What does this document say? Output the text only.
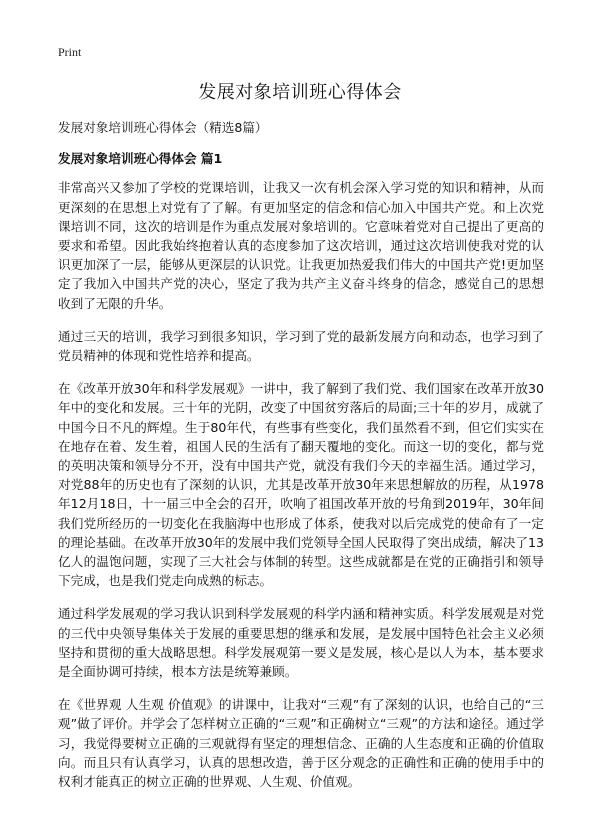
Print
发展对象培训班心得体会

发展对象培训班心得体会（精选8篇）

发展对象培训班心得体会 篇1

非常高兴又参加了学校的党课培训，让我又一次有机会深入学习党的知识和精神，从而更深刻的在思想上对党有了了解。有更加坚定的信念和信心加入中国共产党。和上次党课培训不同，这次的培训是作为重点发展对象培训的。它意味着党对自己提出了更高的要求和希望。因此我始终抱着认真的态度参加了这次培训，通过这次培训使我对党的认识更加深了一层，能够从更深层的认识党。让我更加热爱我们伟大的中国共产党!更加坚定了我加入中国共产党的决心，坚定了我为共产主义奋斗终身的信念，感觉自己的思想收到了无限的升华。

通过三天的培训，我学习到很多知识，学习到了党的最新发展方向和动态，也学习到了党员精神的体现和党性培养和提高。

在《改革开放30年和科学发展观》一讲中，我了解到了我们党、我们国家在改革开放30年中的变化和发展。三十年的光阴，改变了中国贫穷落后的局面;三十年的岁月，成就了中国今日不凡的辉煌。生于80年代，有些事有些变化，我们虽然看不到，但它们实实在在地存在着、发生着，祖国人民的生活有了翻天覆地的变化。而这一切的变化，都与党的英明决策和领导分不开，没有中国共产党，就没有我们今天的幸福生活。通过学习，对党88年的历史也有了深刻的认识，尤其是改革开放30年来思想解放的历程，从1978年12月18日，十一届三中全会的召开，吹响了祖国改革开放的号角到2019年，30年间我们党所经历的一切变化在我脑海中也形成了体系，使我对以后完成党的使命有了一定的理论基础。在改革开放30年的发展中我们党领导全国人民取得了突出成绩，解决了13亿人的温饱问题，实现了三大社会与体制的转型。这些成就都是在党的正确指引和领导下完成，也是我们党走向成熟的标志。

通过科学发展观的学习我认识到科学发展观的科学内涵和精神实质。科学发展观是对党的三代中央领导集体关于发展的重要思想的继承和发展，是发展中国特色社会主义必须坚持和贯彻的重大战略思想。科学发展观第一要义是发展，核心是以人为本，基本要求是全面协调可持续，根本方法是统筹兼顾。

在《世界观 人生观 价值观》的讲课中，让我对“三观”有了深刻的认识，也给自己的“三观”做了评价。并学会了怎样树立正确的“三观”和正确树立“三观”的方法和途径。通过学习，我觉得要树立正确的三观就得有坚定的理想信念、正确的人生态度和正确的价值取向。而且只有认真学习，认真的思想改造，善于区分观念的正确性和正确的使用手中的权利才能真正的树立正确的世界观、人生观、价值观。
